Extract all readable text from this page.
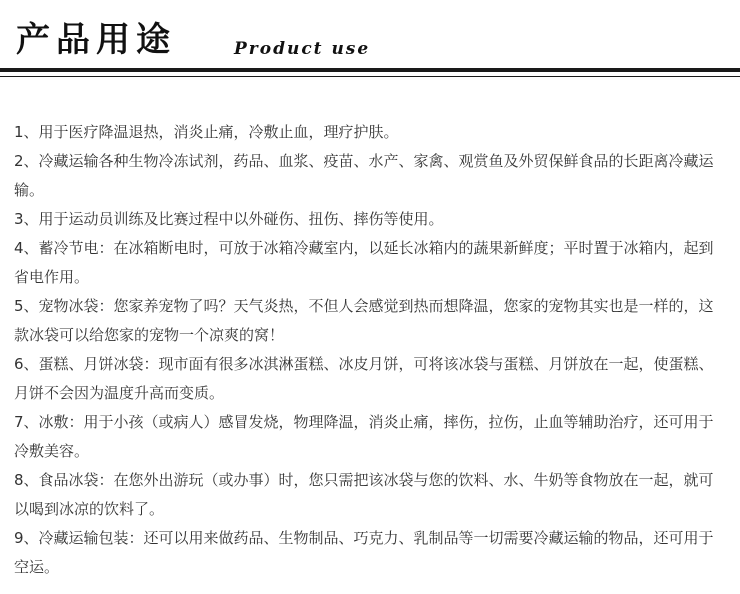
产品用途	Product use

1、用于医疗降温退热，消炎止痛，冷敷止血，理疗护肤。

2、冷藏运输各种生物冷冻试剂，药品、血浆、疫苗、水产、家禽、观赏鱼及外贸保鲜食品的长距离冷藏运输。

3、用于运动员训练及比赛过程中以外碰伤、扭伤、摔伤等使用。

4、蓄冷节电：在冰箱断电时，可放于冰箱冷藏室内，以延长冰箱内的蔬果新鲜度；平时置于冰箱内，起到省电作用。

5、宠物冰袋：您家养宠物了吗？天气炎热，不但人会感觉到热而想降温，您家的宠物其实也是一样的，这款冰袋可以给您家的宠物一个凉爽的窝！

6、蛋糕、月饼冰袋：现市面有很多冰淇淋蛋糕、冰皮月饼，可将该冰袋与蛋糕、月饼放在一起，使蛋糕、月饼不会因为温度升高而变质。

7、冰敷：用于小孩（或病人）感冒发烧，物理降温，消炎止痛，摔伤，拉伤，止血等辅助治疗，还可用于冷敷美容。

8、食品冰袋：在您外出游玩（或办事）时，您只需把该冰袋与您的饮料、水、牛奶等食物放在一起，就可以喝到冰凉的饮料了。

9、冷藏运输包装：还可以用来做药品、生物制品、巧克力、乳制品等一切需要冷藏运输的物品，还可用于空运。
